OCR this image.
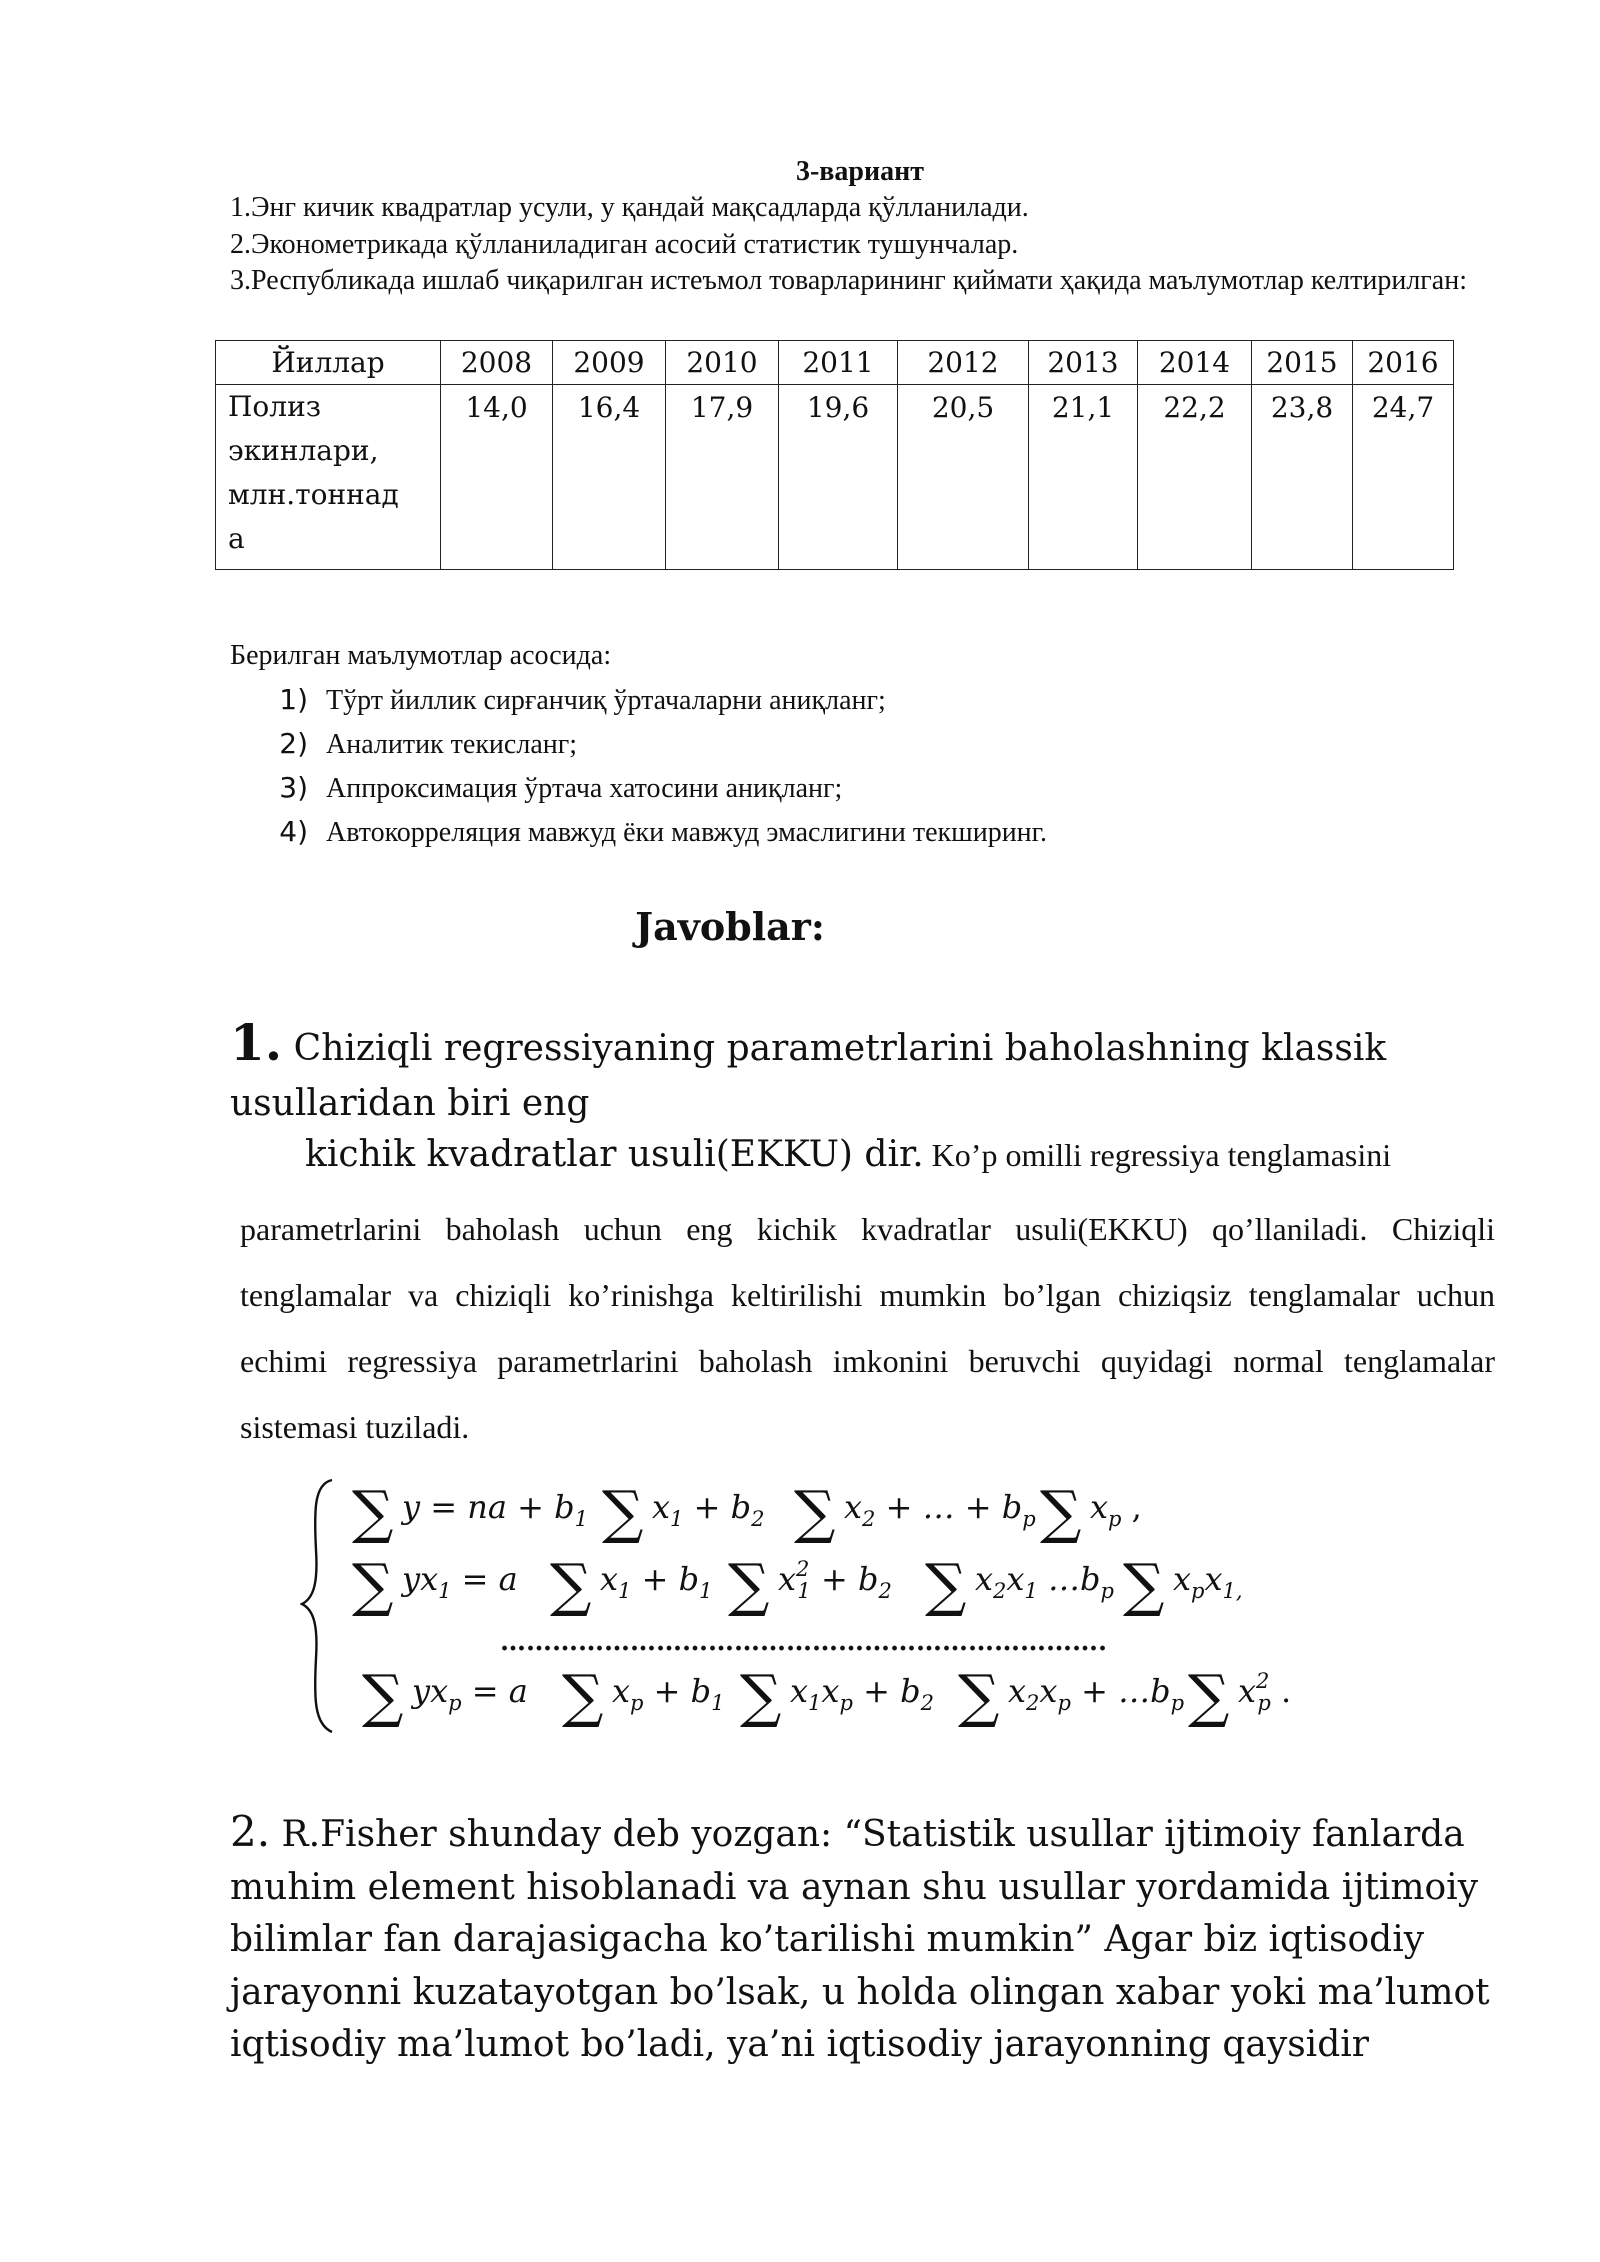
3-вариант
1.Энг кичик квадратлар усули, у қандай мақсадларда қўлланилади.
2.Эконометрикада қўлланиладиган асосий статистик тушунчалар.
3.Республикада ишлаб чиқарилган истеъмол товарларининг қиймати ҳақида маълумотлар келтирилган:
Йиллар	2008	2009	2010	2011	2012	2013	2014	2015	2016
Полиз
экинлари,
млн.тоннад
а	14,0	16,4	17,9	19,6	20,5	21,1	22,2	23,8	24,7
Берилган маълумотлар асосида:
1) Тўрт йиллик сирғанчиқ ўртачаларни аниқланг;
2) Аналитик текисланг;
3) Аппроксимация ўртача хатосини аниқланг;
4) Автокорреляция мавжуд ёки мавжуд эмаслигини текширинг.
Javoblar:
1. Chiziqli regressiyaning parametrlarini baholashning klassik usullaridan biri eng
kichik kvadratlar usuli(EKKU) dir. Ko’p omilli regressiya tenglamasini
parametrlarini baholash uchun eng kichik kvadratlar usuli(EKKU) qo’llaniladi. Chiziqli tenglamalar va chiziqli ko’rinishga keltirilishi mumkin bo’lgan chiziqsiz tenglamalar uchun echimi regressiya parametrlarini baholash imkonini beruvchi quyidagi normal tenglamalar sistemasi tuziladi.
∑ y = na + $b_1$ ∑ $x_1 + b_2$ ∑ $x_2$ + … + $b_p$ ∑ $x_p$ ,
∑ $yx_1 = a$ ∑ $x_1 + b_1$ ∑ $x^2$ $1 + b_2$ ∑ $x_2x_1$ $\dots b_p$ ∑ $x_px_{1,}$
…………………………………………………………….
∑ $yx_p = a$ ∑ $x_p + b_1$ ∑ $x_1x_p + b_2$ ∑ $x_2x_p$ + $\dots b_p$ ∑ $x^2$ p .
2. R.Fisher shunday deb yozgan: “Statistik usullar ijtimoiy fanlarda muhim element hisoblanadi va aynan shu usullar yordamida ijtimoiy bilimlar fan darajasigacha ko’tarilishi mumkin” Agar biz iqtisodiy jarayonni kuzatayotgan bo’lsak, u holda olingan xabar yoki ma’lumot iqtisodiy ma’lumot bo’ladi, ya’ni iqtisodiy jarayonning qaysidir
